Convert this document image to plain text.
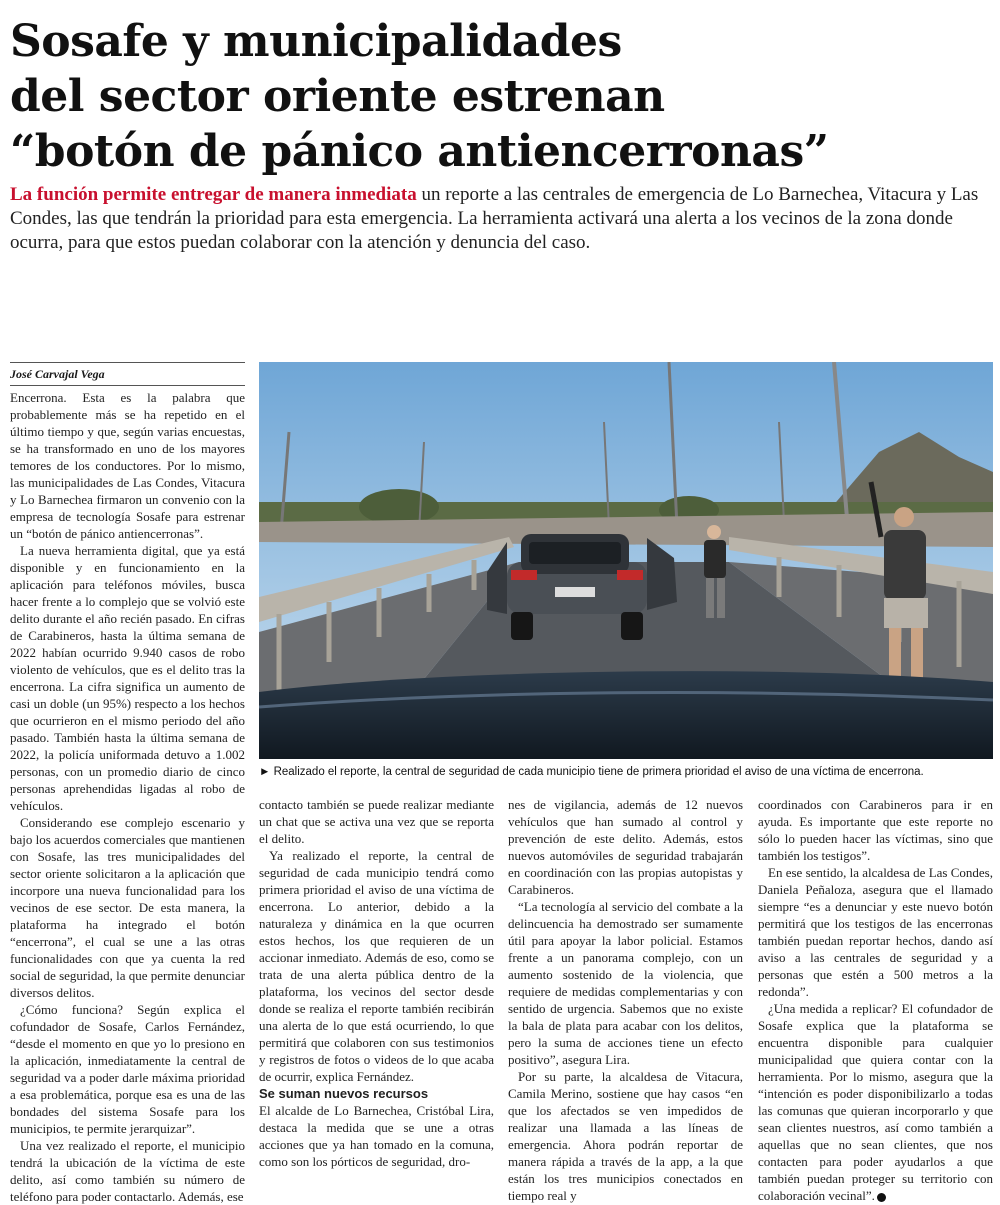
Sosafe y municipalidades
del sector oriente estrenan
“botón de pánico antiencerronas”

La función permite entregar de manera inmediata un reporte a las centrales de emergencia de Lo Barnechea, Vitacura y Las Condes, las que tendrán la prioridad para esta emergencia. La herramienta activará una alerta a los vecinos de la zona donde ocurra, para que estos puedan colaborar con la atención y denuncia del caso.

José Carvajal Vega

Encerrona. Esta es la palabra que probablemente más se ha repetido en el último tiempo y que, según varias encuestas, se ha transformado en uno de los mayores temores de los conductores. Por lo mismo, las municipalidades de Las Condes, Vitacura y Lo Barnechea firmaron un convenio con la empresa de tecnología Sosafe para estrenar un “botón de pánico antiencerronas”.

La nueva herramienta digital, que ya está disponible y en funcionamiento en la aplicación para teléfonos móviles, busca hacer frente a lo complejo que se volvió este delito durante el año recién pasado. En cifras de Carabineros, hasta la última semana de 2022 habían ocurrido 9.940 casos de robo violento de vehículos, que es el delito tras la encerrona. La cifra significa un aumento de casi un doble (un 95%) respecto a los hechos que ocurrieron en el mismo periodo del año pasado. También hasta la última semana de 2022, la policía uniformada detuvo a 1.002 personas, con un promedio diario de cinco personas aprehendidas ligadas al robo de vehículos.

Considerando ese complejo escenario y bajo los acuerdos comerciales que mantienen con Sosafe, las tres municipalidades del sector oriente solicitaron a la aplicación que incorpore una nueva funcionalidad para los vecinos de ese sector. De esta manera, la plataforma ha integrado el botón “encerrona”, el cual se une a las otras funcionalidades con que ya cuenta la red social de seguridad, la que permite denunciar diversos delitos.

¿Cómo funciona? Según explica el cofundador de Sosafe, Carlos Fernández, “desde el momento en que yo lo presiono en la aplicación, inmediatamente la central de seguridad va a poder darle máxima prioridad a esa problemática, porque esa es una de las bondades del sistema Sosafe para los municipios, te permite jerarquizar”.

Una vez realizado el reporte, el municipio tendrá la ubicación de la víctima de este delito, así como también su número de teléfono para poder contactarlo. Además, ese

► Realizado el reporte, la central de seguridad de cada municipio tiene de primera prioridad el aviso de una víctima de encerrona.

contacto también se puede realizar mediante un chat que se activa una vez que se reporta el delito.

Ya realizado el reporte, la central de seguridad de cada municipio tendrá como primera prioridad el aviso de una víctima de encerrona. Lo anterior, debido a la naturaleza y dinámica en la que ocurren estos hechos, los que requieren de un accionar inmediato. Además de eso, como se trata de una alerta pública dentro de la plataforma, los vecinos del sector desde donde se realiza el reporte también recibirán una alerta de lo que está ocurriendo, lo que permitirá que colaboren con sus testimonios y registros de fotos o videos de lo que acaba de ocurrir, explica Fernández.

Se suman nuevos recursos

El alcalde de Lo Barnechea, Cristóbal Lira, destaca la medida que se une a otras acciones que ya han tomado en la comuna, como son los pórticos de seguridad, dro-

nes de vigilancia, además de 12 nuevos vehículos que han sumado al control y prevención de este delito. Además, estos nuevos automóviles de seguridad trabajarán en coordinación con las propias autopistas y Carabineros.

“La tecnología al servicio del combate a la delincuencia ha demostrado ser sumamente útil para apoyar la labor policial. Estamos frente a un panorama complejo, con un aumento sostenido de la violencia, que requiere de medidas complementarias y con sentido de urgencia. Sabemos que no existe la bala de plata para acabar con los delitos, pero la suma de acciones tiene un efecto positivo”, asegura Lira.

Por su parte, la alcaldesa de Vitacura, Camila Merino, sostiene que hay casos “en que los afectados se ven impedidos de realizar una llamada a las líneas de emergencia. Ahora podrán reportar de manera rápida a través de la app, a la que están los tres municipios conectados en tiempo real y

coordinados con Carabineros para ir en ayuda. Es importante que este reporte no sólo lo pueden hacer las víctimas, sino que también los testigos”.

En ese sentido, la alcaldesa de Las Condes, Daniela Peñaloza, asegura que el llamado siempre “es a denunciar y este nuevo botón permitirá que los testigos de las encerronas también puedan reportar hechos, dando así aviso a las centrales de seguridad y a personas que estén a 500 metros a la redonda”.

¿Una medida a replicar? El cofundador de Sosafe explica que la plataforma se encuentra disponible para cualquier municipalidad que quiera contar con la herramienta. Por lo mismo, asegura que la “intención es poder disponibilizarlo a todas las comunas que quieran incorporarlo y que sean clientes nuestros, así como también a aquellas que no sean clientes, que nos contacten para poder ayudarlos a que también puedan proteger su territorio con colaboración vecinal”.
